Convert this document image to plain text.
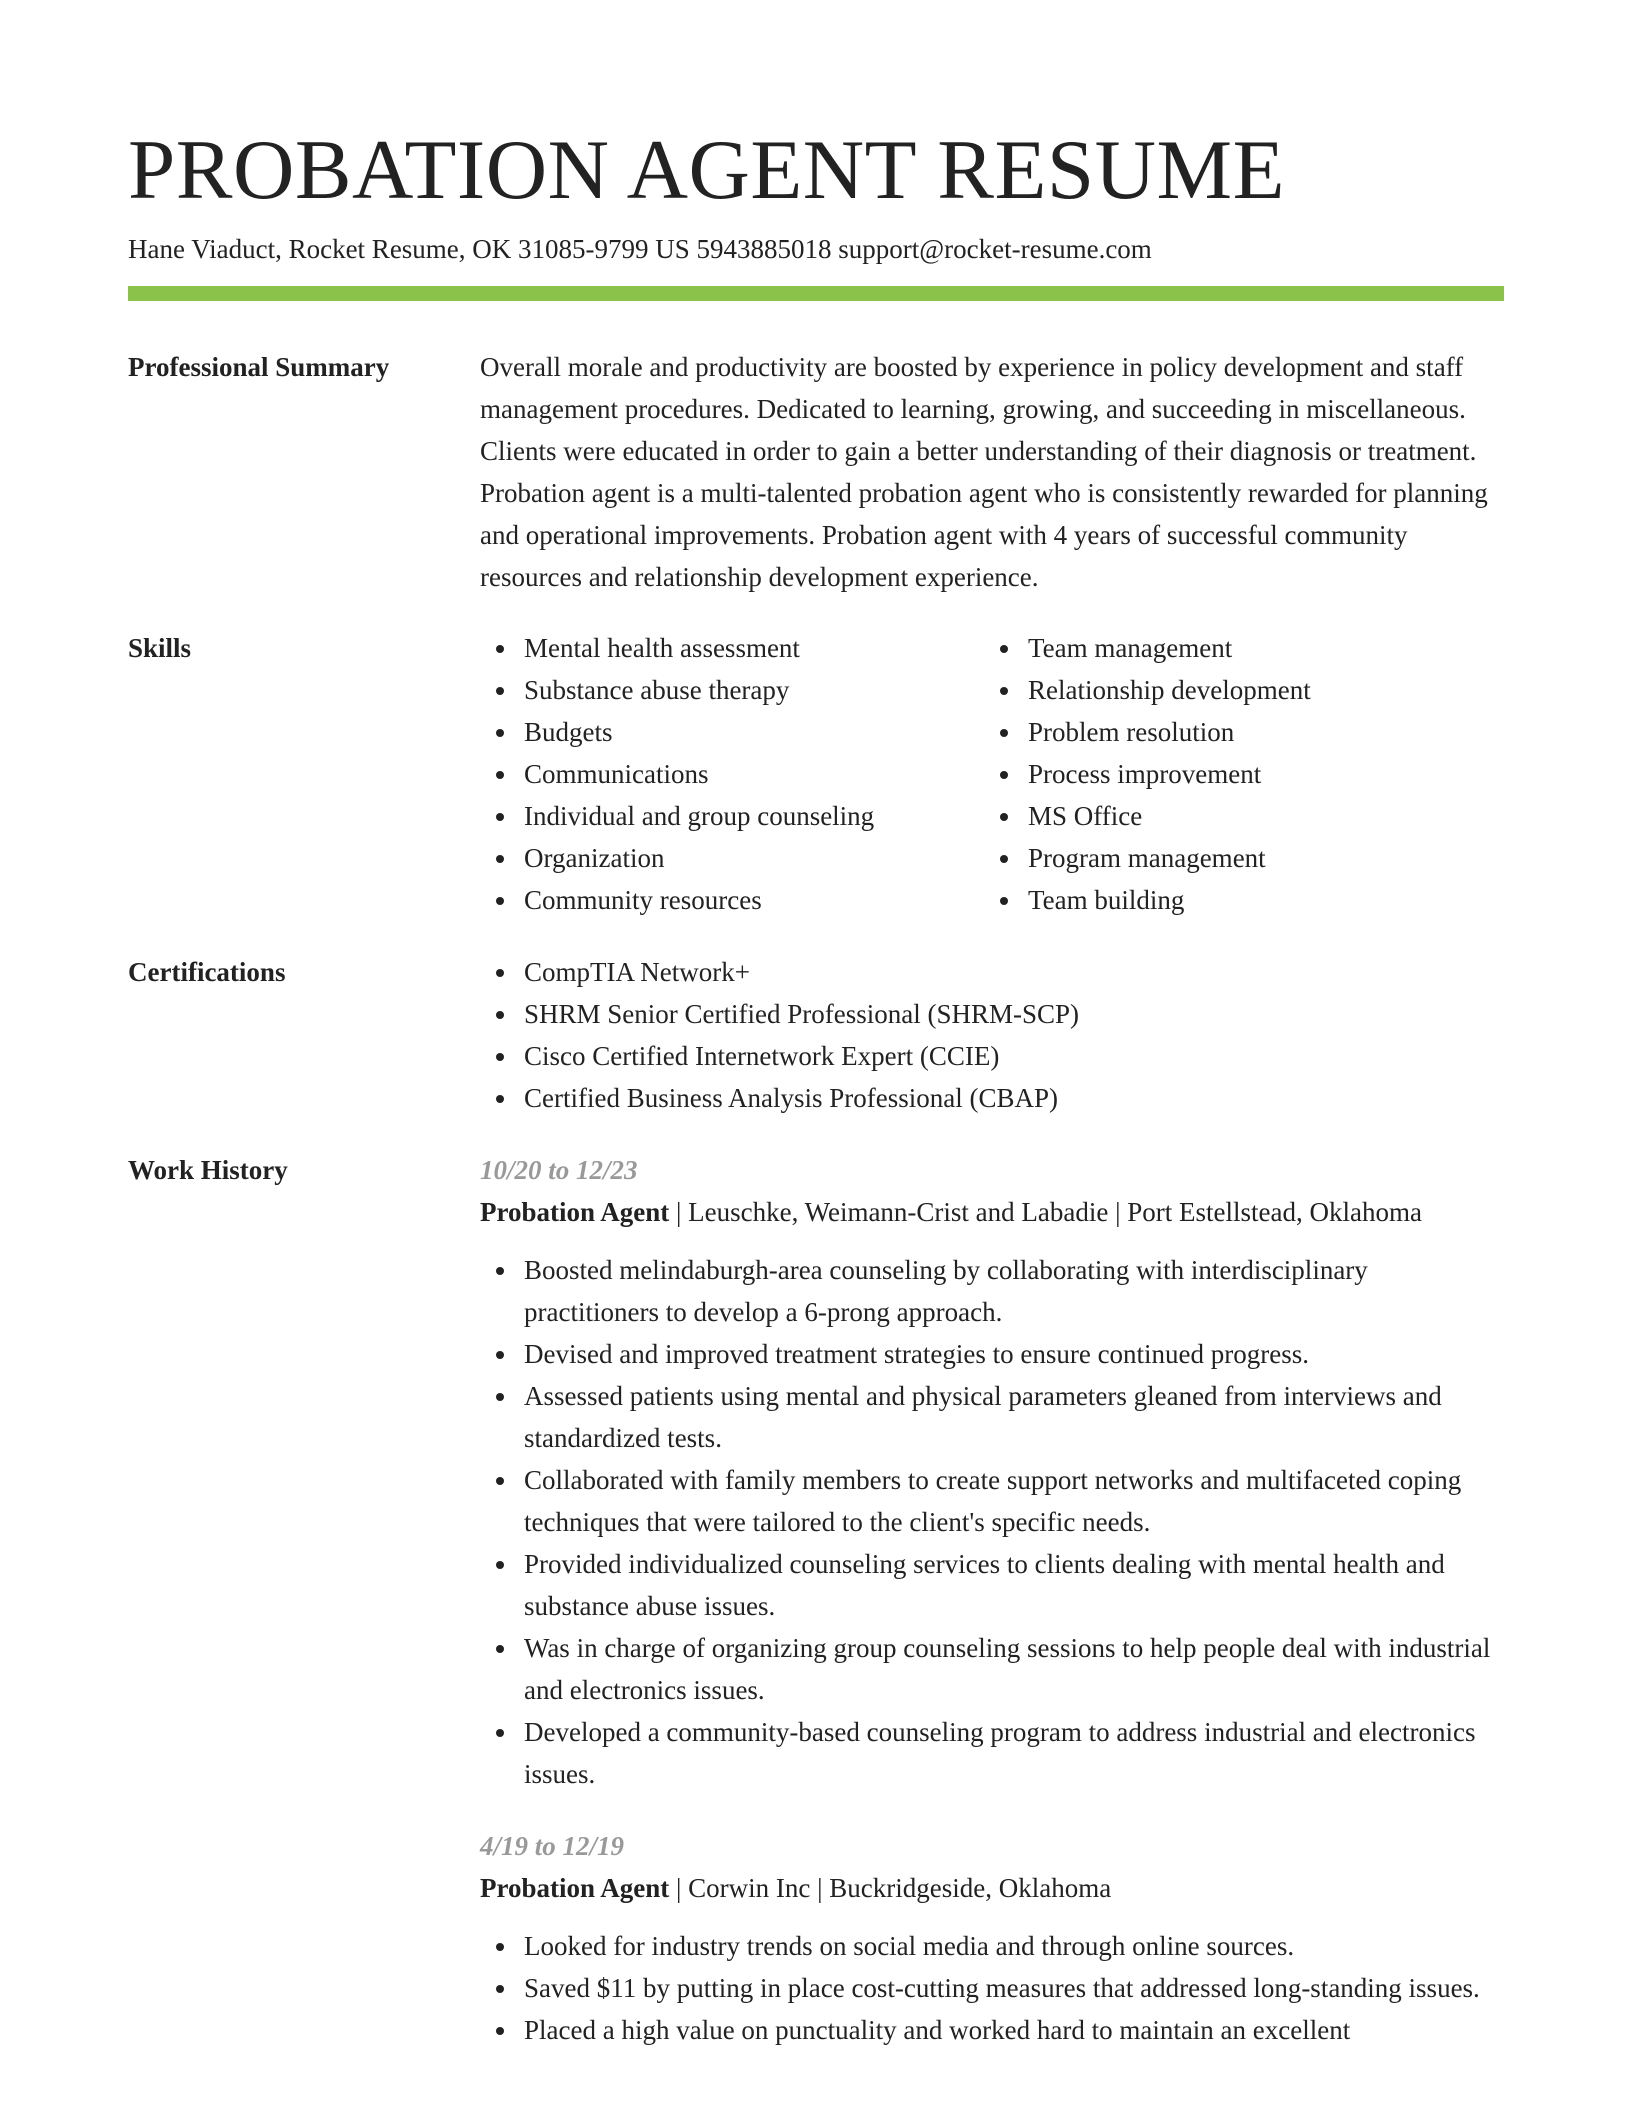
PROBATION AGENT RESUME
Hane Viaduct, Rocket Resume, OK 31085-9799 US 5943885018 support@rocket-resume.com
Professional Summary	Overall morale and productivity are boosted by experience in policy development and staff management procedures. Dedicated to learning, growing, and succeeding in miscellaneous. Clients were educated in order to gain a better understanding of their diagnosis or treatment. Probation agent is a multi-talented probation agent who is consistently rewarded for planning and operational improvements. Probation agent with 4 years of successful community resources and relationship development experience.

Skills	Mental health assessment
Substance abuse therapy
Budgets
Communications
Individual and group counseling
Organization
Community resources
Team management
Relationship development
Problem resolution
Process improvement
MS Office
Program management
Team building
Certifications	CompTIA Network+
SHRM Senior Certified Professional (SHRM-SCP)
Cisco Certified Internetwork Expert (CCIE)
Certified Business Analysis Professional (CBAP)
Work History	10/20 to 12/23
Probation Agent | Leuschke, Weimann-Crist and Labadie | Port Estellstead, Oklahoma
Boosted melindaburgh-area counseling by collaborating with interdisciplinary practitioners to develop a 6-prong approach.
Devised and improved treatment strategies to ensure continued progress.
Assessed patients using mental and physical parameters gleaned from interviews and standardized tests.
Collaborated with family members to create support networks and multifaceted coping techniques that were tailored to the client's specific needs.
Provided individualized counseling services to clients dealing with mental health and substance abuse issues.
Was in charge of organizing group counseling sessions to help people deal with industrial and electronics issues.
Developed a community-based counseling program to address industrial and electronics issues.
4/19 to 12/19
Probation Agent | Corwin Inc | Buckridgeside, Oklahoma
Looked for industry trends on social media and through online sources.
Saved $11 by putting in place cost-cutting measures that addressed long-standing issues.
Placed a high value on punctuality and worked hard to maintain an excellent
